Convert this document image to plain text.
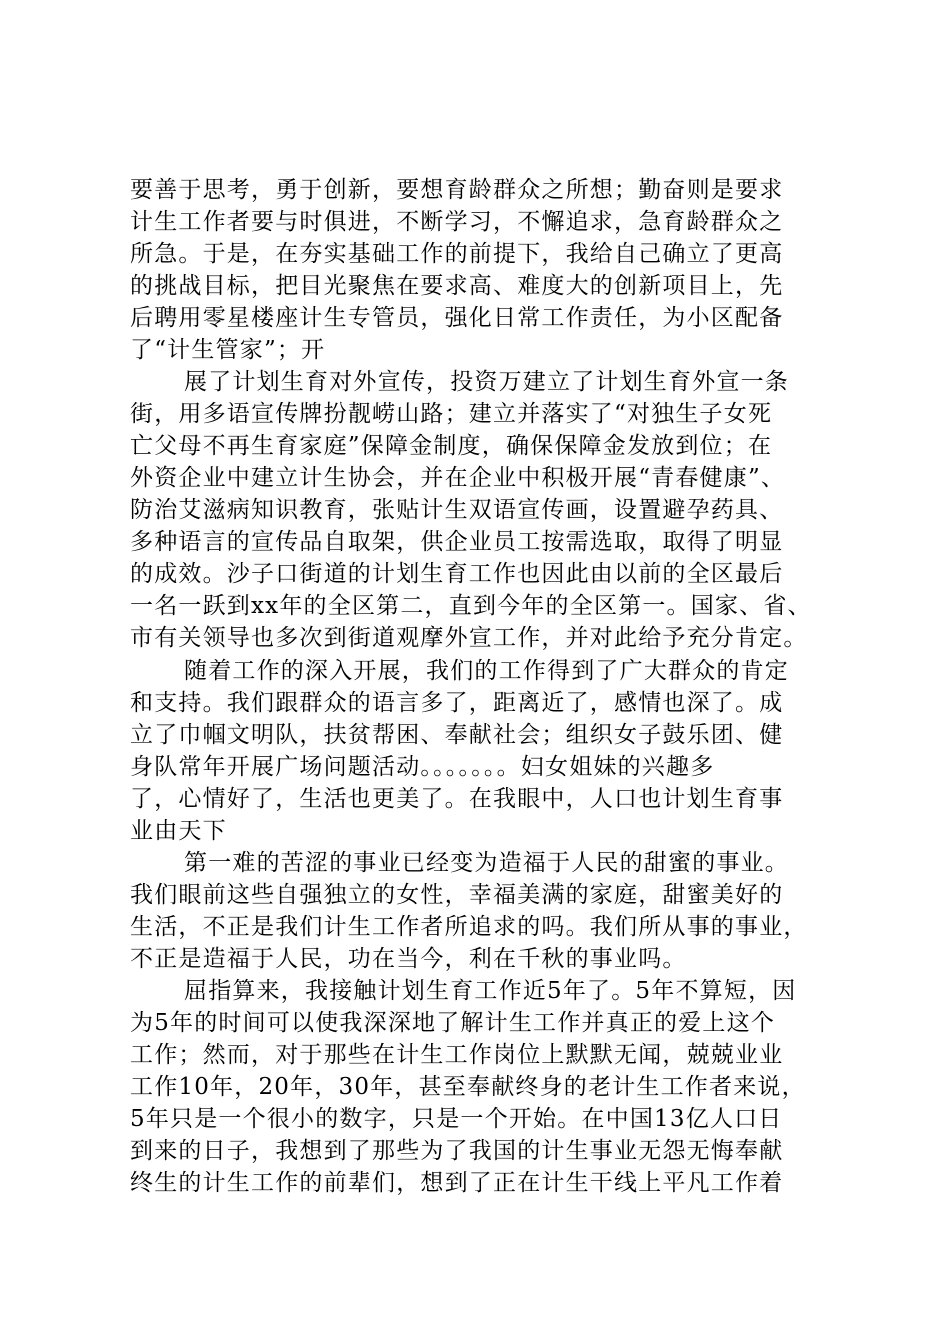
要善于思考，勇于创新，要想育龄群众之所想；勤奋则是要求
计生工作者要与时俱进，不断学习，不懈追求，急育龄群众之
所急。于是，在夯实基础工作的前提下，我给自己确立了更高
的挑战目标，把目光聚焦在要求高、难度大的创新项目上，先
后聘用零星楼座计生专管员，强化日常工作责任，为小区配备
了“计生管家”；开
展了计划生育对外宣传，投资万建立了计划生育外宣一条
街，用多语宣传牌扮靓崂山路；建立并落实了“对独生子女死
亡父母不再生育家庭”保障金制度，确保保障金发放到位；在
外资企业中建立计生协会，并在企业中积极开展“青春健康”、
防治艾滋病知识教育，张贴计生双语宣传画，设置避孕药具、
多种语言的宣传品自取架，供企业员工按需选取，取得了明显
的成效。沙子口街道的计划生育工作也因此由以前的全区最后
一名一跃到xx年的全区第二，直到今年的全区第一。国家、省、
市有关领导也多次到街道观摩外宣工作，并对此给予充分肯定。
随着工作的深入开展，我们的工作得到了广大群众的肯定
和支持。我们跟群众的语言多了，距离近了，感情也深了。成
立了巾帼文明队，扶贫帮困、奉献社会；组织女子鼓乐团、健
身队常年开展广场问题活动。。。。。。。妇女姐妹的兴趣多
了，心情好了，生活也更美了。在我眼中，人口也计划生育事
业由天下
第一难的苦涩的事业已经变为造福于人民的甜蜜的事业。
我们眼前这些自强独立的女性，幸福美满的家庭，甜蜜美好的
生活，不正是我们计生工作者所追求的吗。我们所从事的事业，
不正是造福于人民，功在当今，利在千秋的事业吗。
屈指算来，我接触计划生育工作近5年了。5年不算短，因
为5年的时间可以使我深深地了解计生工作并真正的爱上这个
工作；然而，对于那些在计生工作岗位上默默无闻，兢兢业业
工作10年，20年，30年，甚至奉献终身的老计生工作者来说，
5年只是一个很小的数字，只是一个开始。在中国13亿人口日
到来的日子，我想到了那些为了我国的计生事业无怨无悔奉献
终生的计生工作的前辈们，想到了正在计生干线上平凡工作着
